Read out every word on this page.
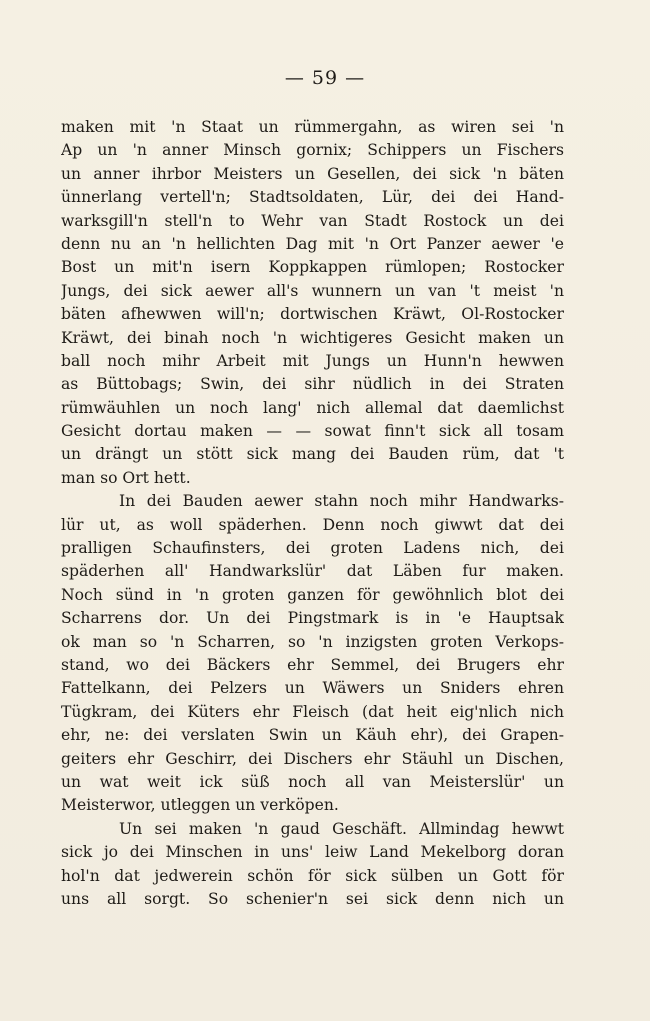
— 59 —
maken mit 'n Staat un rümmergahn, as wiren sei 'n
Ap un 'n anner Minsch gornix; Schippers un Fischers
un anner ihrbor Meisters un Gesellen, dei sick 'n bäten
ünnerlang vertell'n; Stadtsoldaten, Lür, dei dei Hand-
warksgill'n stell'n to Wehr van Stadt Rostock un dei
denn nu an 'n hellichten Dag mit 'n Ort Panzer aewer 'e
Bost un mit'n isern Koppkappen rümlopen; Rostocker
Jungs, dei sick aewer all's wunnern un van 't meist 'n
bäten afhewwen will'n; dortwischen Kräwt, Ol-Rostocker
Kräwt, dei binah noch 'n wichtigeres Gesicht maken un
ball noch mihr Arbeit mit Jungs un Hunn'n hewwen
as Büttobags; Swin, dei sihr nüdlich in dei Straten
rümwäuhlen un noch lang' nich allemal dat daemlichst
Gesicht dortau maken — — sowat finn't sick all tosam
un drängt un stött sick mang dei Bauden rüm, dat 't
man so Ort hett.
In dei Bauden aewer stahn noch mihr Handwarks-
lür ut, as woll späderhen. Denn noch giwwt dat dei
pralligen Schaufinsters, dei groten Ladens nich, dei
späderhen all' Handwarkslür' dat Läben fur maken.
Noch sünd in 'n groten ganzen för gewöhnlich blot dei
Scharrens dor. Un dei Pingstmark is in 'e Hauptsak
ok man so 'n Scharren, so 'n inzigsten groten Verkops-
stand, wo dei Bäckers ehr Semmel, dei Brugers ehr
Fattelkann, dei Pelzers un Wäwers un Sniders ehren
Tügkram, dei Küters ehr Fleisch (dat heit eig'nlich nich
ehr, ne: dei verslaten Swin un Käuh ehr), dei Grapen-
geiters ehr Geschirr, dei Dischers ehr Stäuhl un Dischen,
un wat weit ick süß noch all van Meisterslür' un
Meisterwor, utleggen un verköpen.
Un sei maken 'n gaud Geschäft. Allmindag hewwt
sick jo dei Minschen in uns' leiw Land Mekelborg doran
hol'n dat jedwerein schön för sick sülben un Gott för
uns all sorgt. So schenier'n sei sick denn nich un
